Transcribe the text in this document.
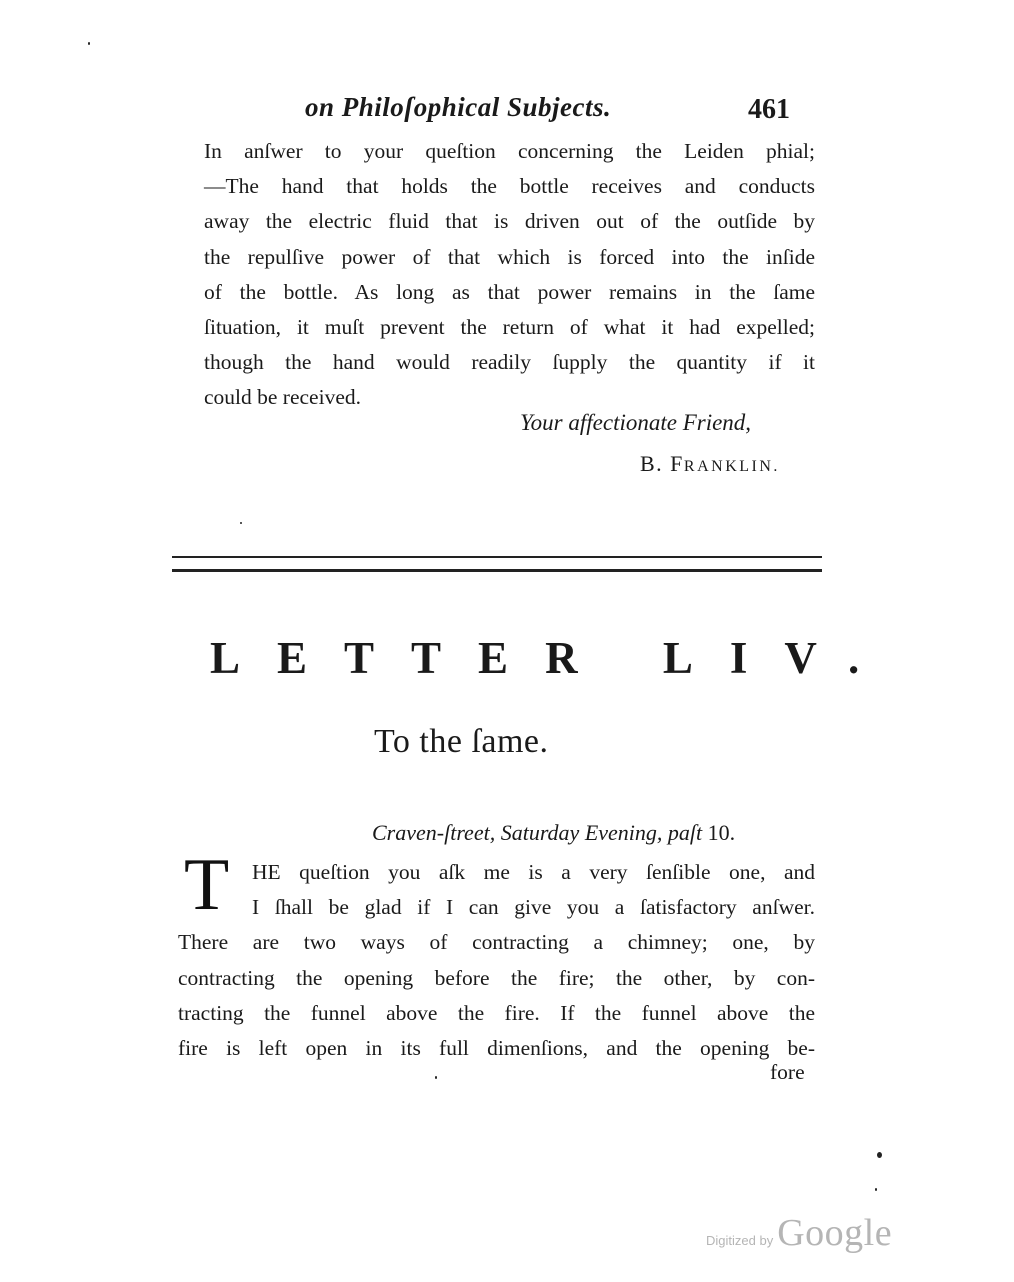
on Philoſophical Subjects.	461
In anſwer to your queſtion concerning the Leiden phial;
—The hand that holds the bottle receives and conducts
away the electric fluid that is driven out of the outſide by
the repulſive power of that which is forced into the inſide
of the bottle. As long as that power remains in the ſame
ſituation, it muſt prevent the return of what it had expelled;
though the hand would readily ſupply the quantity if it
could be received.
Your affectionate Friend,
B. FRANKLIN.
LETTER LIV.
To the ſame.
Craven-ſtreet, Saturday Evening, paſt 10.
T HE queſtion you aſk me is a very ſenſible one, and
I ſhall be glad if I can give you a ſatisfactory anſwer.
There are two ways of contracting a chimney; one, by
contracting the opening before the fire; the other, by con-
tracting the funnel above the fire. If the funnel above the
fire is left open in its full dimenſions, and the opening be-
fore
Digitized by Google
